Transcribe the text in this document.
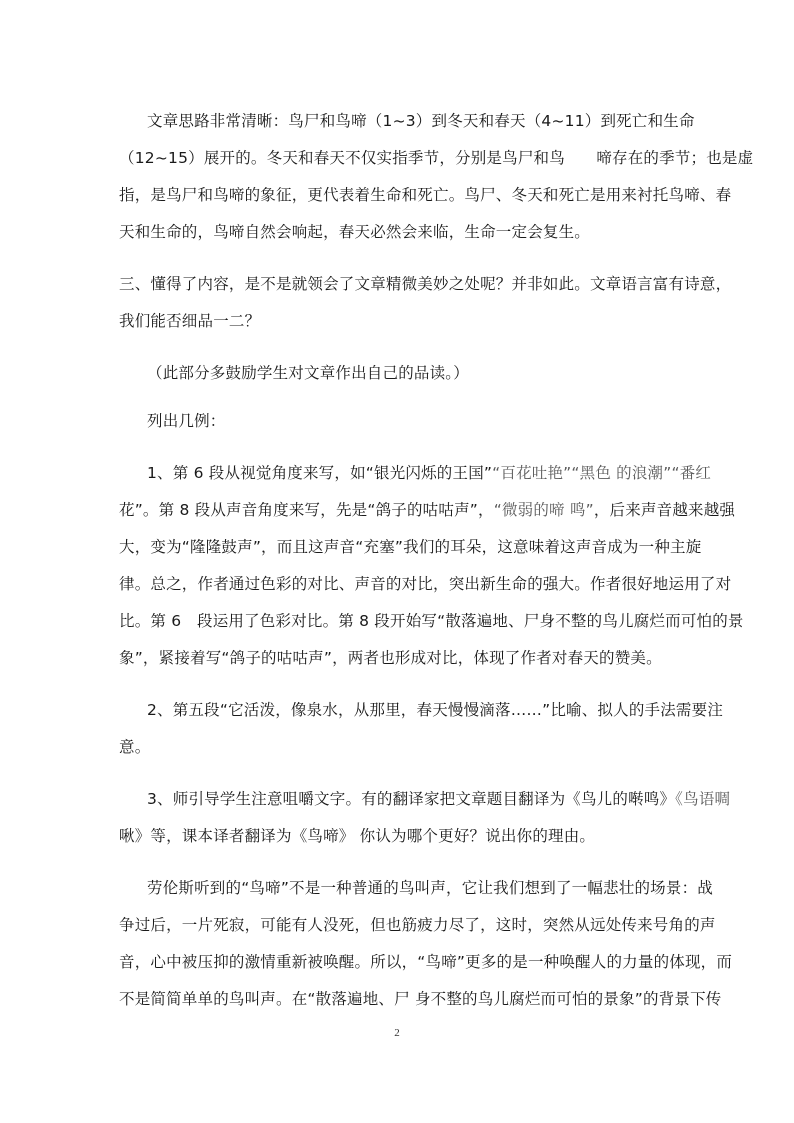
文章思路非常清晰：鸟尸和鸟啼（1~3）到冬天和春天（4~11）到死亡和生命
（12~15）展开的。冬天和春天不仅实指季节，分别是鸟尸和鸟　　啼存在的季节；也是虚
指，是鸟尸和鸟啼的象征，更代表着生命和死亡。鸟尸、冬天和死亡是用来衬托鸟啼、春
天和生命的，鸟啼自然会响起，春天必然会来临，生命一定会复生。
三、懂得了内容，是不是就领会了文章精微美妙之处呢？并非如此。文章语言富有诗意，
我们能否细品一二？
（此部分多鼓励学生对文章作出自己的品读。）
列出几例：
1、第 6 段从视觉角度来写，如“银光闪烁的王国”“百花吐艳”“黑色 的浪潮”“番红
花”。第 8 段从声音角度来写，先是“鸽子的咕咕声”，“微弱的啼 鸣”，后来声音越来越强
大，变为“隆隆鼓声”，而且这声音“充塞”我们的耳朵，这意味着这声音成为一种主旋
律。总之，作者通过色彩的对比、声音的对比，突出新生命的强大。作者很好地运用了对
比。第 6　段运用了色彩对比。第 8 段开始写“散落遍地、尸身不整的鸟儿腐烂而可怕的景
象”，紧接着写“鸽子的咕咕声”，两者也形成对比，体现了作者对春天的赞美。
2、第五段“它活泼，像泉水，从那里，春天慢慢滴落……”比喻、拟人的手法需要注
意。
3、师引导学生注意咀嚼文字。有的翻译家把文章题目翻译为《鸟儿的啭鸣》《鸟语啁
啾》等，课本译者翻译为《鸟啼》 你认为哪个更好？说出你的理由。
劳伦斯听到的“鸟啼”不是一种普通的鸟叫声，它让我们想到了一幅悲壮的场景：战
争过后，一片死寂，可能有人没死，但也筋疲力尽了，这时，突然从远处传来号角的声
音，心中被压抑的激情重新被唤醒。所以，“鸟啼”更多的是一种唤醒人的力量的体现，而
不是简简单单的鸟叫声。在“散落遍地、尸 身不整的鸟儿腐烂而可怕的景象”的背景下传
2
